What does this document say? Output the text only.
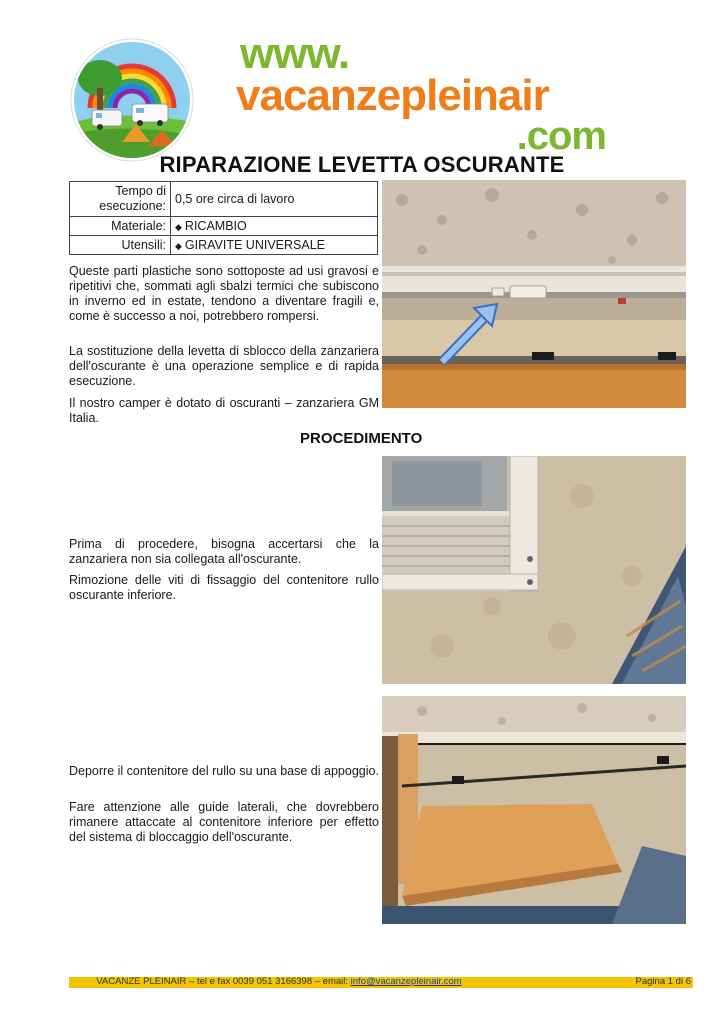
www.
vacanzepleinair
.com
RIPARAZIONE LEVETTA OSCURANTE
Tempo di esecuzione:	0,5 ore circa di lavoro
Materiale:	◆ RICAMBIO
Utensili:	◆ GIRAVITE UNIVERSALE

Queste parti plastiche sono sottoposte ad usi gravosi e ripetitivi che, sommati agli sbalzi termici che subiscono in inverno ed in estate, tendono a diventare fragili e, come è successo a noi, potrebbero rompersi.

La sostituzione della levetta di sblocco della zanzariera dell'oscurante è una operazione semplice e di rapida esecuzione.

Il nostro camper è dotato di oscuranti – zanzariera GM Italia.

PROCEDIMENTO

Prima di procedere, bisogna accertarsi che la zanzariera non sia collegata all'oscurante.

Rimozione delle viti di fissaggio del contenitore rullo oscurante inferiore.

Deporre il contenitore del rullo su una base di appoggio.

Fare attenzione alle guide laterali, che dovrebbero rimanere attaccate al contenitore inferiore per effetto del sistema di bloccaggio dell'oscurante.

VACANZE PLEINAIR – tel e fax 0039 051 3166398 – email: info@vacanzepleinair.com	Pagina 1 di 6
